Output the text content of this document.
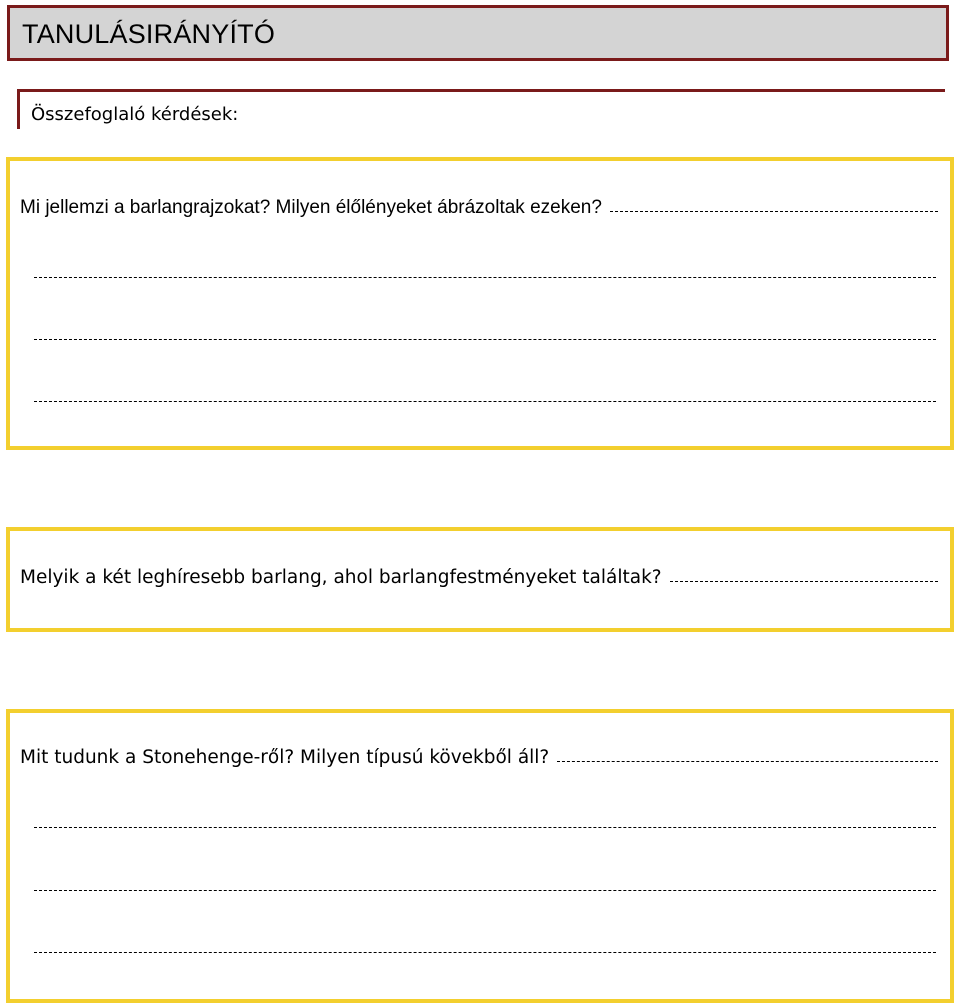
TANULÁSIRÁNYÍTÓ
Összefoglaló kérdések:
Mi jellemzi a barlangrajzokat? Milyen élőlényeket ábrázoltak ezeken?
Melyik a két leghíresebb barlang, ahol barlangfestményeket találtak?
Mit tudunk a Stonehenge-ről? Milyen típusú kövekből áll?
